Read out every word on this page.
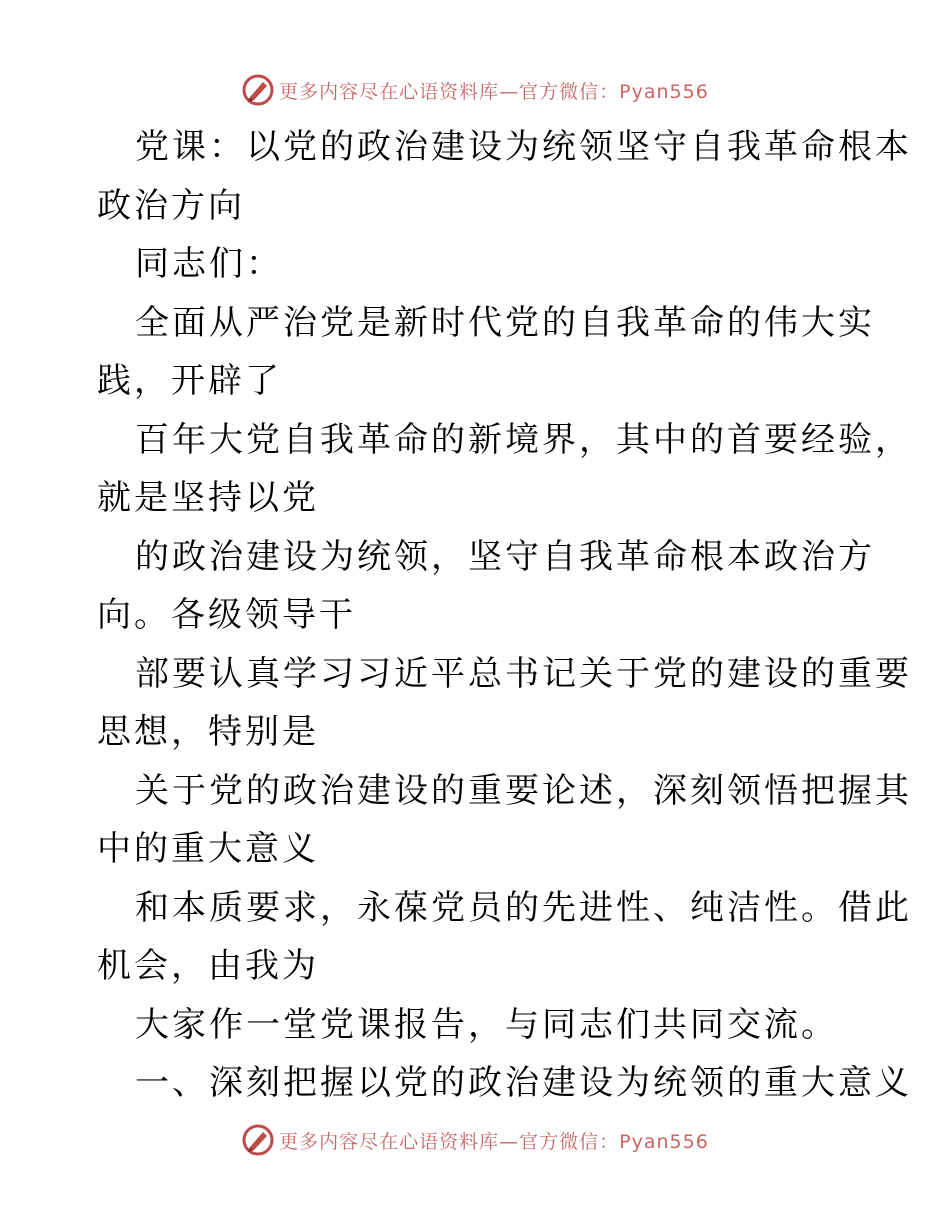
更多内容尽在心语资料库—官方微信：Pyan556
党课：以党的政治建设为统领坚守自我革命根本
政治方向
同志们：
全面从严治党是新时代党的自我革命的伟大实
践，开辟了
百年大党自我革命的新境界，其中的首要经验，
就是坚持以党
的政治建设为统领，坚守自我革命根本政治方
向。各级领导干
部要认真学习习近平总书记关于党的建设的重要
思想，特别是
关于党的政治建设的重要论述，深刻领悟把握其
中的重大意义
和本质要求，永葆党员的先进性、纯洁性。借此
机会，由我为
大家作一堂党课报告，与同志们共同交流。
一、深刻把握以党的政治建设为统领的重大意义
更多内容尽在心语资料库—官方微信：Pyan556
